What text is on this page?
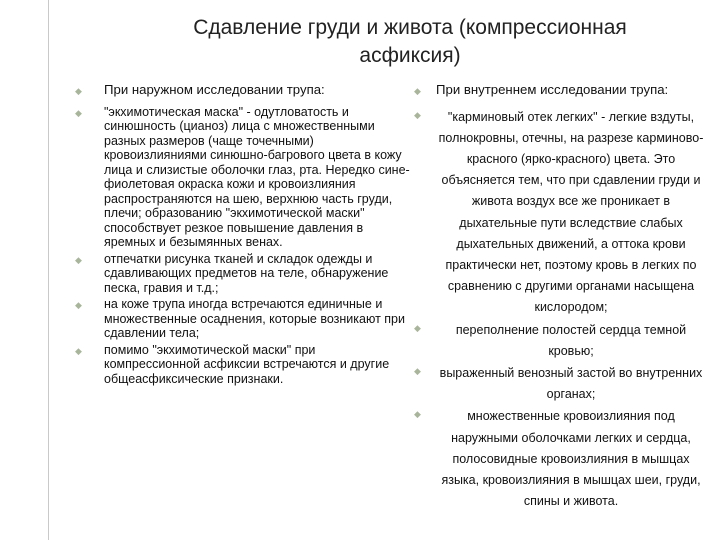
Сдавление груди и живота (компрессионная асфиксия)
◆	При наружном исследовании трупа:
◆	"экхимотическая маска" - одутловатость и синюшность (цианоз) лица с множественными разных размеров (чаще точечными) кровоизлияниями синюшно-багрового цвета в кожу лица и слизистые оболочки глаз, рта. Нередко сине-фиолетовая окраска кожи и кровоизлияния распространяются на шею, верхнюю часть груди, плечи; образованию "экхимотической маски" способствует резкое повышение давления в яремных и безымянных венах.
◆	отпечатки рисунка тканей и складок одежды и сдавливающих предметов на теле, обнаружение песка, гравия и т.д.;
◆	на коже трупа иногда встречаются единичные и множественные осаднения, которые возникают при сдавлении тела;
◆	помимо "экхимотической маски" при компрессионной асфиксии встречаются и другие общеасфиксические признаки.
◆	При внутреннем исследовании трупа:
◆	"карминовый отек легких" - легкие вздуты, полнокровны, отечны, на разрезе карминово-красного (ярко-красного) цвета. Это объясняется тем, что при сдавлении груди и живота воздух все же проникает в дыхательные пути вследствие слабых дыхательных движений, а оттока крови практически нет, поэтому кровь в легких по сравнению с другими органами насыщена кислородом;
◆	переполнение полостей сердца темной кровью;
◆	выраженный венозный застой во внутренних органах;
◆	множественные кровоизлияния под наружными оболочками легких и сердца, полосовидные кровоизлияния в мышцах языка, кровоизлияния в мышцах шеи, груди, спины и живота.
